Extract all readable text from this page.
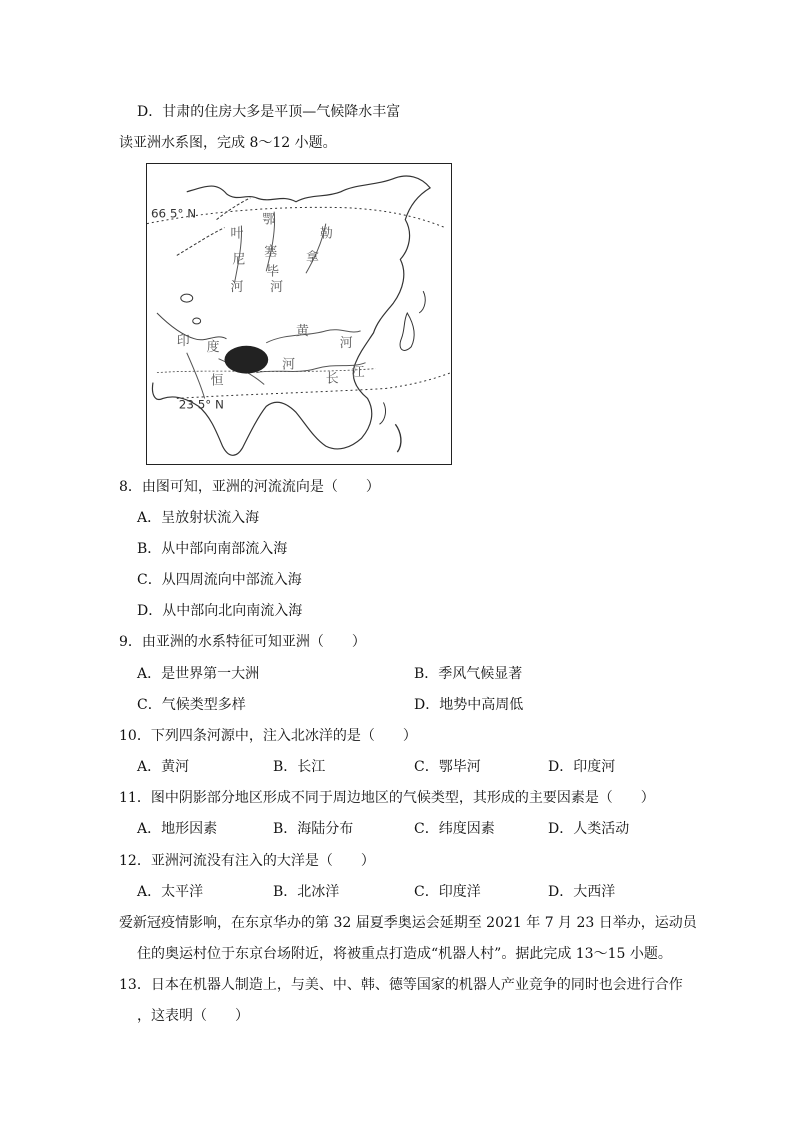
D．甘肃的住房大多是平顶—气候降水丰富
读亚洲水系图，完成 8～12 小题。
66 5° N
23 5° N
叶
尼
塞
河
勒
拿
河
鄂
毕
黄
河
长 江
印 度
河
恒
8．由图可知，亚洲的河流流向是（　　）
A．呈放射状流入海
B．从中部向南部流入海
C．从四周流向中部流入海
D．从中部向北向南流入海
9．由亚洲的水系特征可知亚洲（　　）
A．是世界第一大洲	B．季风气候显著
C．气候类型多样	D．地势中高周低
10．下列四条河源中，注入北冰洋的是（　　）
A．黄河	B．长江	C．鄂毕河	D．印度河
11．图中阴影部分地区形成不同于周边地区的气候类型，其形成的主要因素是（　　）
A．地形因素	B．海陆分布	C．纬度因素	D．人类活动
12．亚洲河流没有注入的大洋是（　　）
A．太平洋	B．北冰洋	C．印度洋	D．大西洋
爱新冠疫情影响，在东京华办的第 32 届夏季奥运会延期至 2021 年 7 月 23 日举办，运动员
住的奥运村位于东京台场附近，将被重点打造成“机器人村”。据此完成 13～15 小题。
13．日本在机器人制造上，与美、中、韩、德等国家的机器人产业竞争的同时也会进行合作
，这表明（　　）
